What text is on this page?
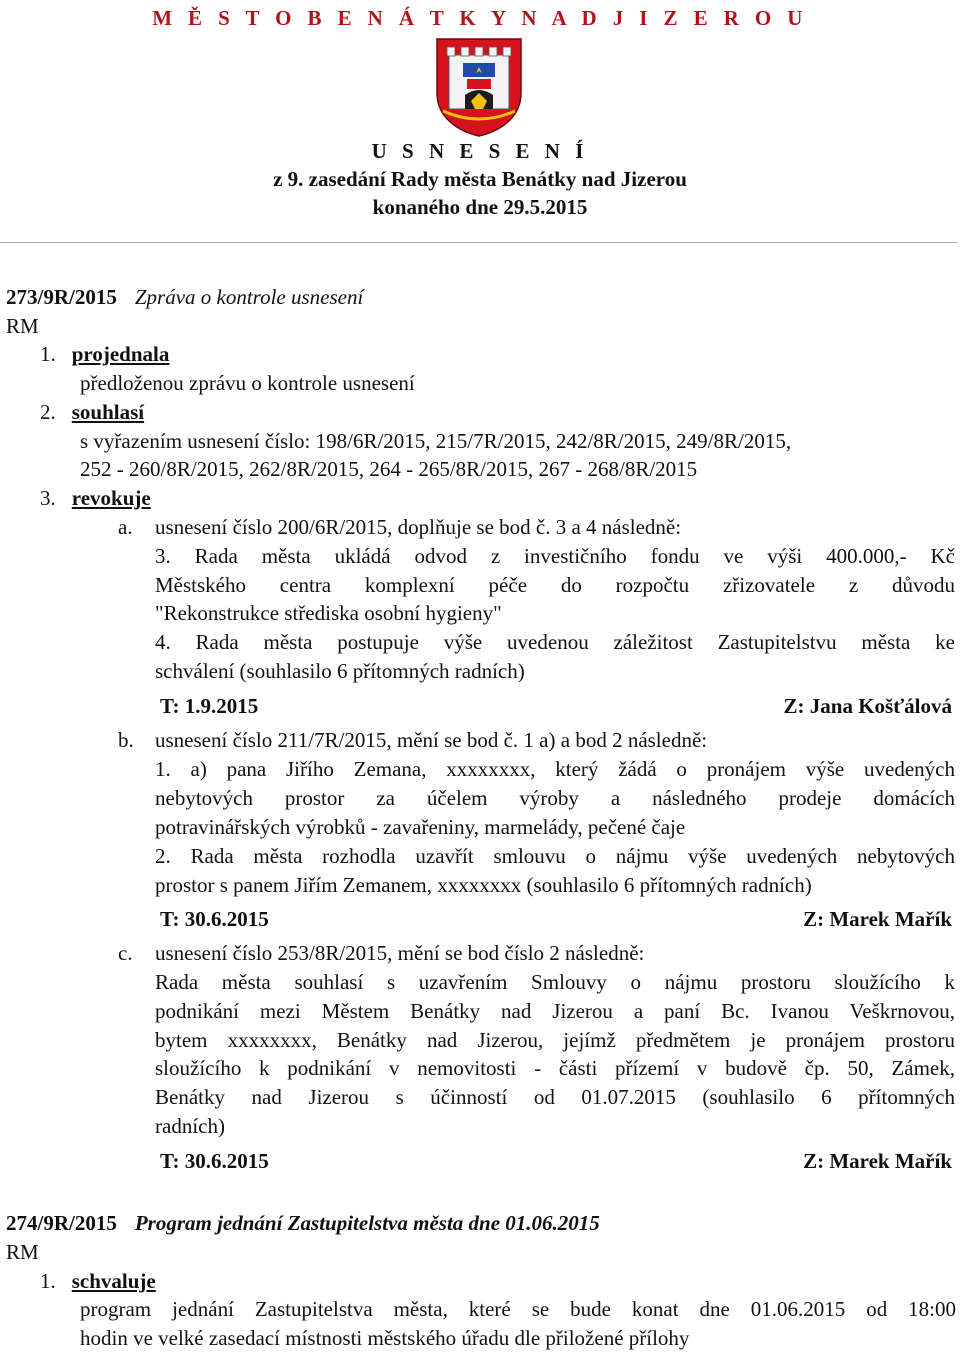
M Ě S T O B E N Á T K Y N A D J I Z E R O U
U S N E S E N Í
z 9. zasedání Rady města Benátky nad Jizerou
konaného dne 29.5.2015
273/9R/2015 Zpráva o kontrole usnesení
RM
1. projednala
předloženou zprávu o kontrole usnesení
2. souhlasí
s vyřazením usnesení číslo: 198/6R/2015, 215/7R/2015, 242/8R/2015, 249/8R/2015,
252 - 260/8R/2015, 262/8R/2015, 264 - 265/8R/2015, 267 - 268/8R/2015
3. revokuje
a. usnesení číslo 200/6R/2015, doplňuje se bod č. 3 a 4 následně:
3. Rada města ukládá odvod z investičního fondu ve výši 400.000,- Kč
Městského centra komplexní péče do rozpočtu zřizovatele z důvodu
"Rekonstrukce střediska osobní hygieny"
4. Rada města postupuje výše uvedenou záležitost Zastupitelstvu města ke
schválení (souhlasilo 6 přítomných radních)
T: 1.9.2015	Z: Jana Košťálová
b. usnesení číslo 211/7R/2015, mění se bod č. 1 a) a bod 2 následně:
1. a) pana Jiřího Zemana, xxxxxxxx, který žádá o pronájem výše uvedených
nebytových prostor za účelem výroby a následného prodeje domácích
potravinářských výrobků - zavařeniny, marmelády, pečené čaje
2. Rada města rozhodla uzavřít smlouvu o nájmu výše uvedených nebytových
prostor s panem Jiřím Zemanem, xxxxxxxx (souhlasilo 6 přítomných radních)
T: 30.6.2015	Z: Marek Mařík
c. usnesení číslo 253/8R/2015, mění se bod číslo 2 následně:
Rada města souhlasí s uzavřením Smlouvy o nájmu prostoru sloužícího k
podnikání mezi Městem Benátky nad Jizerou a paní Bc. Ivanou Veškrnovou,
bytem xxxxxxxx, Benátky nad Jizerou, jejímž předmětem je pronájem prostoru
sloužícího k podnikání v nemovitosti - části přízemí v budově čp. 50, Zámek,
Benátky nad Jizerou s účinností od 01.07.2015 (souhlasilo 6 přítomných
radních)
T: 30.6.2015	Z: Marek Mařík
274/9R/2015 Program jednání Zastupitelstva města dne 01.06.2015
RM
1. schvaluje
program jednání Zastupitelstva města, které se bude konat dne 01.06.2015 od 18:00
hodin ve velké zasedací místnosti městského úřadu dle přiložené přílohy
